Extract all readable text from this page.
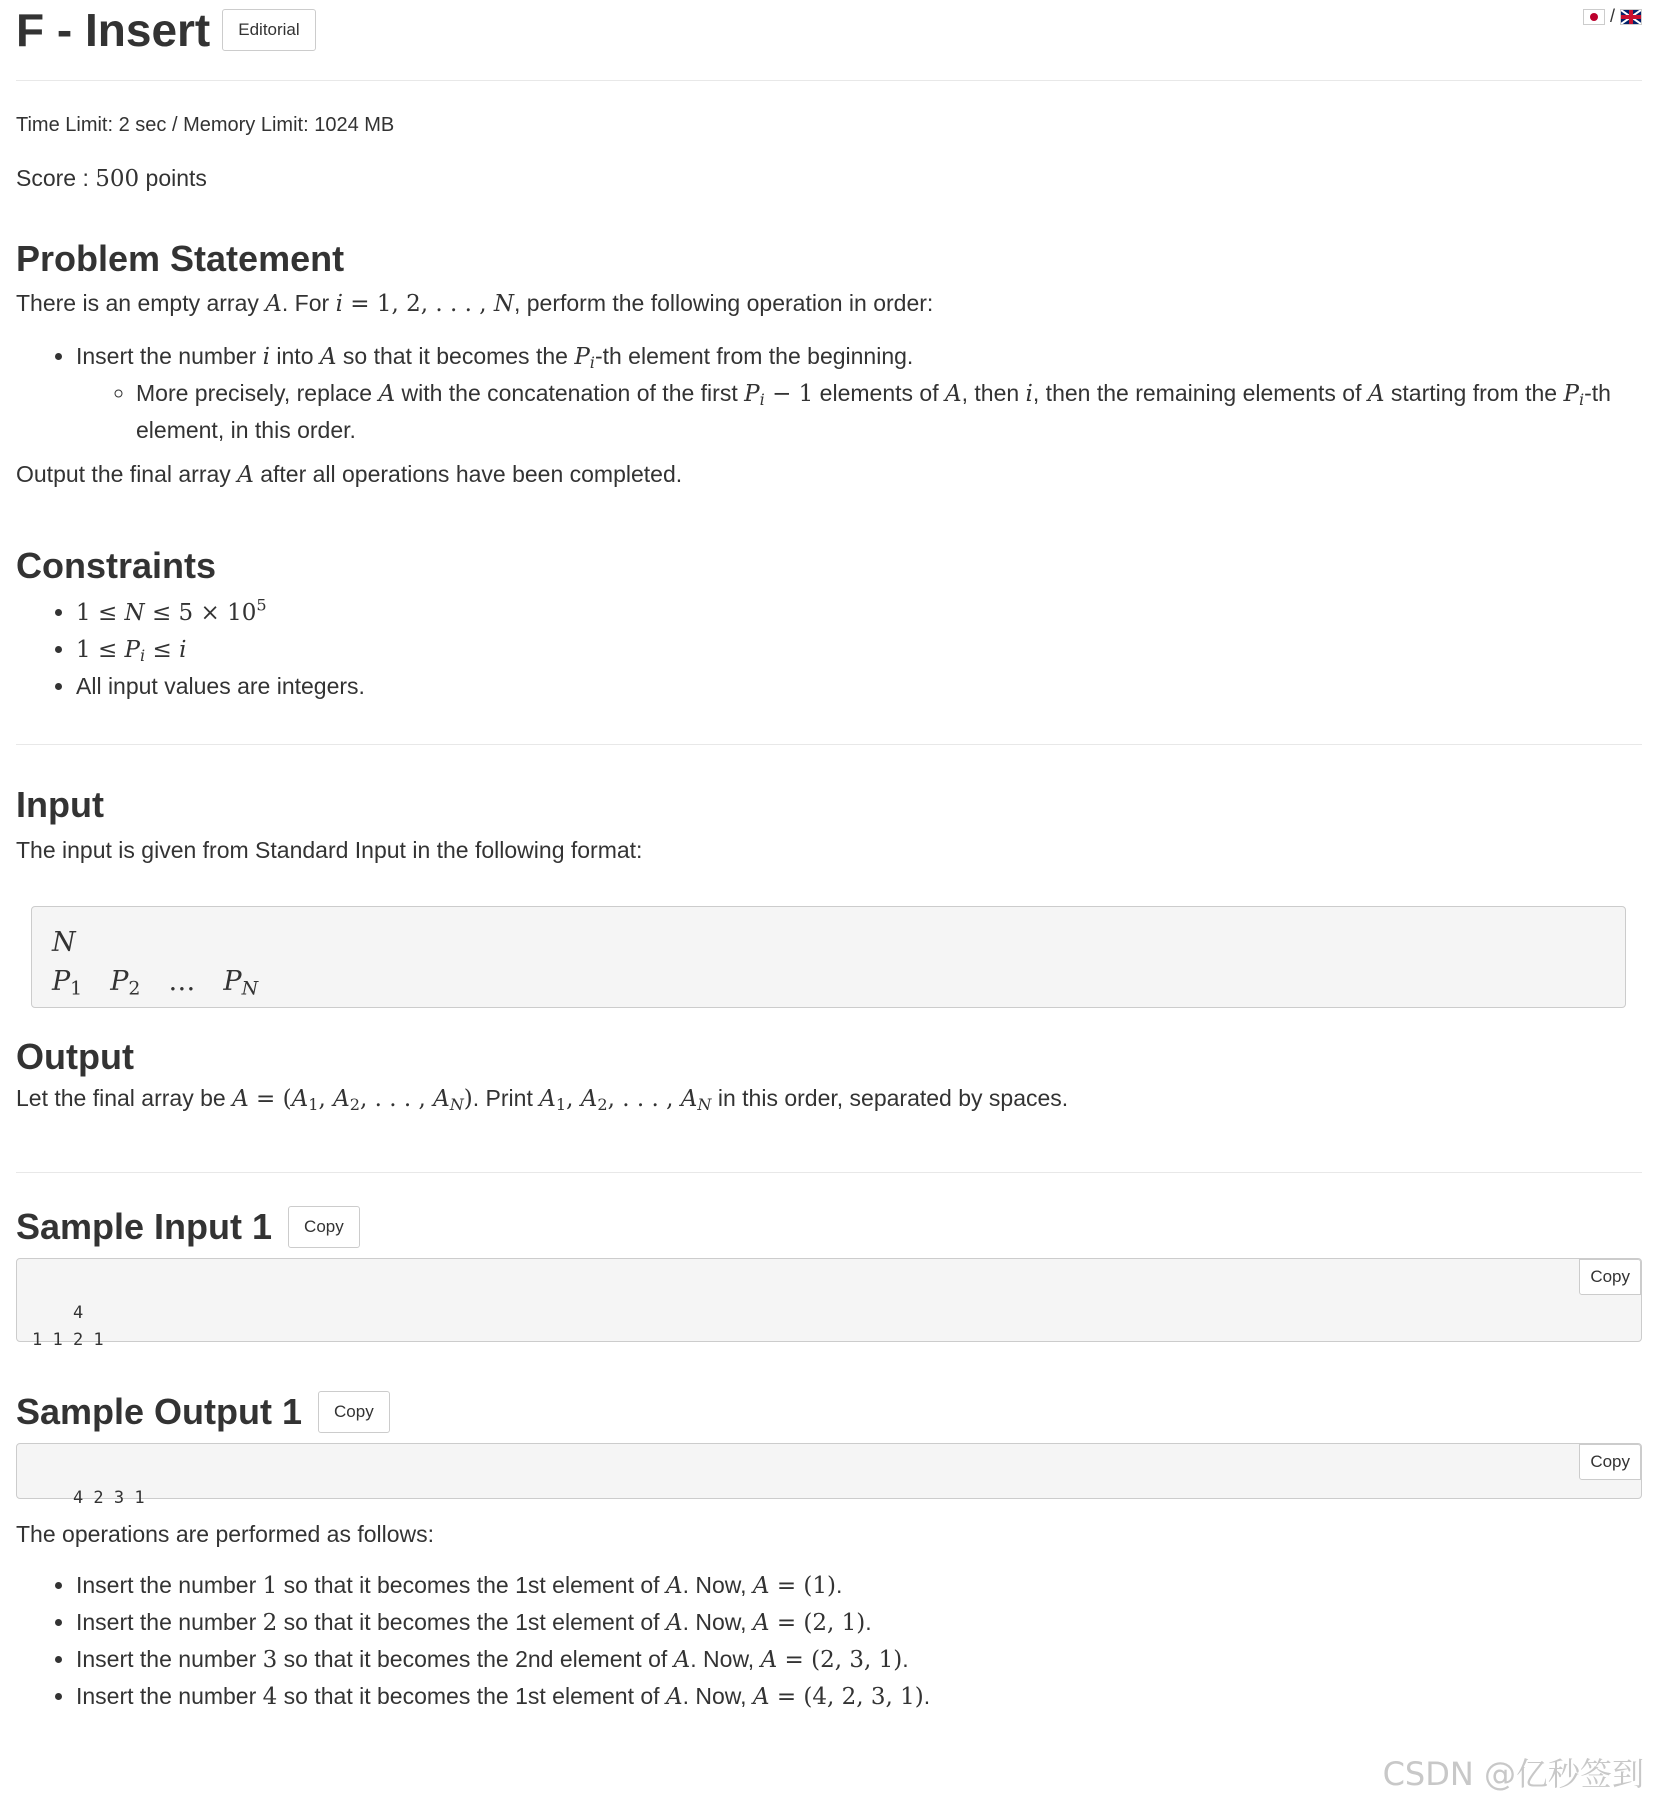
F - Insert	Editorial
/
Time Limit: 2 sec / Memory Limit: 1024 MB
Score : 500 points
Problem Statement

There is an empty array A. For i = 1, 2, . . . , N, perform the following operation in order:

• Insert the number i into A so that it becomes the $P_i-th$ element from the beginning.
◦ More precisely, replace A with the concatenation of the first $P_i - 1$ elements of A, then i, then the remaining elements of A starting from the $P_i-th$ element, in this order.

Output the final array A after all operations have been completed.

Constraints
• $1 \le N \le 5 \times 10^5$
• $1 \le P_i \le i$
• All input values are integers.
Input

The input is given from Standard Input in the following format:

N
$P_1$ $P_2$ … $P_N$
Output

Let the final array be $A = (A_1$, $A_2$, . . . , $A_N$). Print $A_1$, $A_2$, . . . , $A_N$ in this order, separated by spaces.

Sample Input 1	Copy

4
1 1 2 1

Copy

Sample Output 1	Copy

4 2 3 1

Copy

The operations are performed as follows:

• Insert the number 1 so that it becomes the 1st element of A. Now, A = (1).
• Insert the number 2 so that it becomes the 1st element of A. Now, A = (2, 1).
• Insert the number 3 so that it becomes the 2nd element of A. Now, A = (2, 3, 1).
• Insert the number 4 so that it becomes the 1st element of A. Now, A = (4, 2, 3, 1).
CSDN @亿秒签到
